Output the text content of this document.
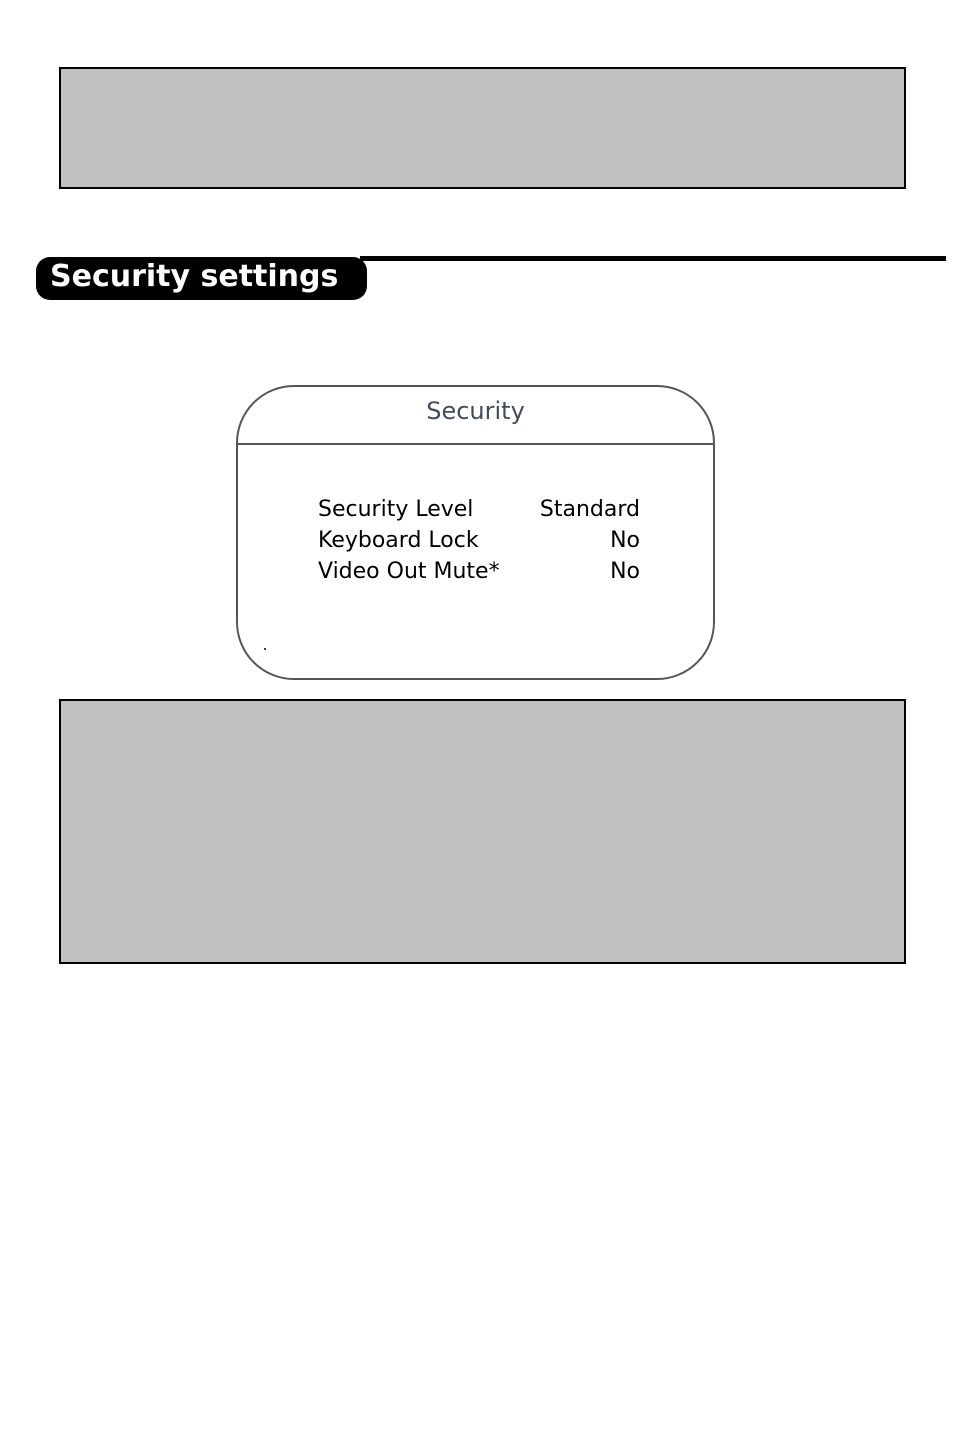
Security settings
Security
Security Level	Standard
Keyboard Lock	No
Video Out Mute*	No
